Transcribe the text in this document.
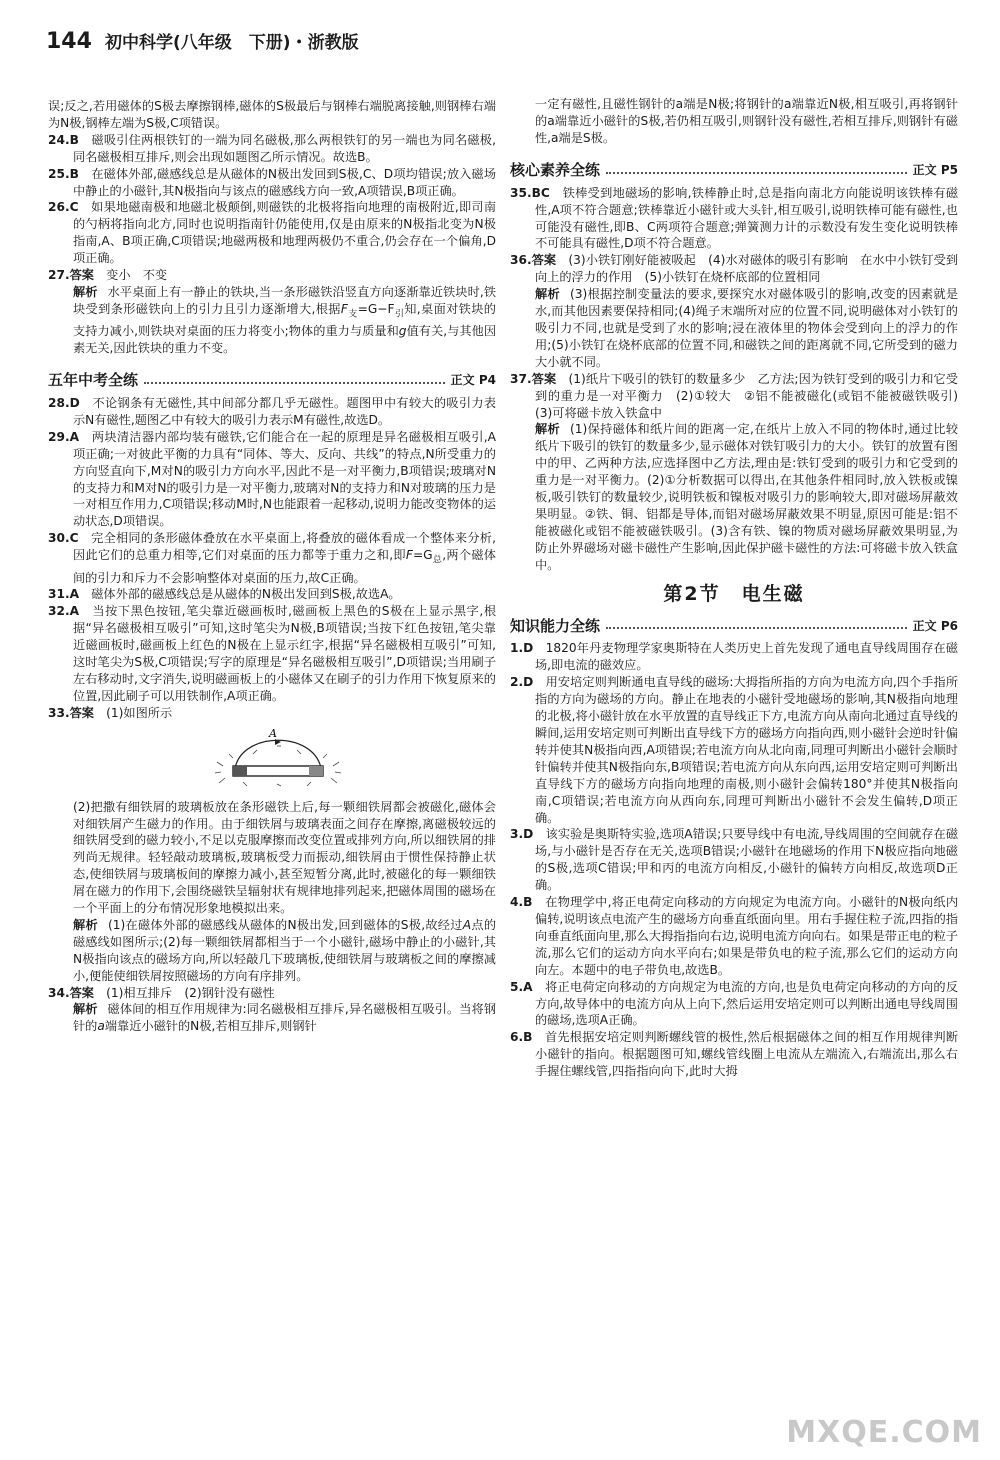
144 初中科学(八年级　下册)・浙教版

误;反之,若用磁体的S极去摩擦钢棒,磁体的S极最后与钢棒右端脱离接触,则钢棒右端为N极,钢棒左端为S极,C项错误。

24.B　 磁吸引住两根铁钉的一端为同名磁极,那么两根铁钉的另一端也为同名磁极,同名磁极相互排斥,则会出现如题图乙所示情况。故选B。

25.B　 在磁体外部,磁感线总是从磁体的N极出发回到S极,C、D项均错误;放入磁场中静止的小磁针,其N极指向与该点的磁感线方向一致,A项错误,B项正确。

26.C　 如果地磁南极和地磁北极颠倒,则磁铁的北极将指向地理的南极附近,即司南的勺柄将指向北方,同时也说明指南针仍能使用,仅是由原来的N极指北变为N极指南,A、B项正确,C项错误;地磁两极和地理两极仍不重合,仍会存在一个偏角,D项正确。

27.答案　 变小　不变

解析 水平桌面上有一静止的铁块,当一条形磁铁沿竖直方向逐渐靠近铁块时,铁块受到条形磁铁向上的引力且引力逐渐增大,根据$F_支=G-F_引$知,桌面对铁块的支持力减小,则铁块对桌面的压力将变小;物体的重力与质量和g值有关,与其他因素无关,因此铁块的重力不变。

五年中考全练	正文 P4

28.D　 不论钢条有无磁性,其中间部分都几乎无磁性。题图甲中有较大的吸引力表示N有磁性,题图乙中有较大的吸引力表示M有磁性,故选D。

29.A　 两块清洁器内部均装有磁铁,它们能合在一起的原理是异名磁极相互吸引,A项正确;一对彼此平衡的力具有“同体、等大、反向、共线”的特点,N所受重力的方向竖直向下,M对N的吸引力方向水平,因此不是一对平衡力,B项错误;玻璃对N的支持力和M对N的吸引力是一对平衡力,玻璃对N的支持力和N对玻璃的压力是一对相互作用力,C项错误;移动M时,N也能跟着一起移动,说明力能改变物体的运动状态,D项错误。

30.C　 完全相同的条形磁体叠放在水平桌面上,将叠放的磁体看成一个整体来分析,因此它们的总重力相等,它们对桌面的压力都等于重力之和,即$F=G_总$,两个磁体间的引力和斥力不会影响整体对桌面的压力,故C正确。

31.A　 磁体外部的磁感线总是从磁体的N极出发回到S极,故选A。

32.A　 当按下黑色按钮,笔尖靠近磁画板时,磁画板上黑色的S极在上显示黑字,根据“异名磁极相互吸引”可知,这时笔尖为N极,B项错误;当按下红色按钮,笔尖靠近磁画板时,磁画板上红色的N极在上显示红字,根据“异名磁极相互吸引”可知,这时笔尖为S极,C项错误;写字的原理是“异名磁极相互吸引”,D项错误;当用刷子左右移动时,文字消失,说明磁画板上的小磁体又在刷子的引力作用下恢复原来的位置,因此刷子可以用铁制作,A项正确。

33.答案　 (1)如图所示

A

(2)把撒有细铁屑的玻璃板放在条形磁铁上后,每一颗细铁屑都会被磁化,磁体会对细铁屑产生磁力的作用。由于细铁屑与玻璃表面之间存在摩擦,离磁极较远的细铁屑受到的磁力较小,不足以克服摩擦而改变位置或排列方向,所以细铁屑的排列尚无规律。轻轻敲动玻璃板,玻璃板受力而振动,细铁屑由于惯性保持静止状态,使细铁屑与玻璃板间的摩擦力减小,甚至短暂分离,此时,被磁化的每一颗细铁屑在磁力的作用下,会围绕磁铁呈辐射状有规律地排列起来,把磁体周围的磁场在一个平面上的分布情况形象地模拟出来。

解析 (1)在磁体外部的磁感线从磁体的N极出发,回到磁体的S极,故经过A点的磁感线如图所示;(2)每一颗细铁屑都相当于一个小磁针,磁场中静止的小磁针,其N极指向该点的磁场方向,所以轻敲几下玻璃板,使细铁屑与玻璃板之间的摩擦减小,便能使细铁屑按照磁场的方向有序排列。

34.答案　 (1)相互排斥　(2)钢针没有磁性

解析 磁体间的相互作用规律为:同名磁极相互排斥,异名磁极相互吸引。当将钢针的a端靠近小磁针的N极,若相互排斥,则钢针

一定有磁性,且磁性钢针的a端是N极;将钢针的a端靠近N极,相互吸引,再将钢针的a端靠近小磁针的S极,若仍相互吸引,则钢针没有磁性,若相互排斥,则钢针有磁性,a端是S极。

核心素养全练	正文 P5

35.BC　 铁棒受到地磁场的影响,铁棒静止时,总是指向南北方向能说明该铁棒有磁性,A项不符合题意;铁棒靠近小磁针或大头针,相互吸引,说明铁棒可能有磁性,也可能没有磁性,即B、C两项符合题意;弹簧测力计的示数没有发生变化说明铁棒不可能具有磁性,D项不符合题意。

36.答案　 (3)小铁钉刚好能被吸起　(4)水对磁体的吸引有影响　在水中小铁钉受到向上的浮力的作用　(5)小铁钉在烧杯底部的位置相同

解析 (3)根据控制变量法的要求,要探究水对磁体吸引的影响,改变的因素就是水,而其他因素要保持相同;(4)绳子末端所对应的位置不同,说明磁体对小铁钉的吸引力不同,也就是受到了水的影响;浸在液体里的物体会受到向上的浮力的作用;(5)小铁钉在烧杯底部的位置不同,和磁铁之间的距离就不同,它所受到的磁力大小就不同。

37.答案　 (1)纸片下吸引的铁钉的数量多少　乙方法;因为铁钉受到的吸引力和它受到的重力是一对平衡力　(2)①较大　②铝不能被磁化(或铝不能被磁铁吸引)　(3)可将磁卡放入铁盒中

解析 (1)保持磁体和纸片间的距离一定,在纸片上放入不同的物体时,通过比较纸片下吸引的铁钉的数量多少,显示磁体对铁钉吸引力的大小。铁钉的放置有图中的甲、乙两种方法,应选择图中乙方法,理由是:铁钉受到的吸引力和它受到的重力是一对平衡力。(2)①分析数据可以得出,在其他条件相同时,放入铁板或镍板,吸引铁钉的数量较少,说明铁板和镍板对吸引力的影响较大,即对磁场屏蔽效果明显。②铁、铜、铝都是导体,而铝对磁场屏蔽效果不明显,原因可能是:铝不能被磁化或铝不能被磁铁吸引。(3)含有铁、镍的物质对磁场屏蔽效果明显,为防止外界磁场对磁卡磁性产生影响,因此保护磁卡磁性的方法:可将磁卡放入铁盒中。

第2节　电生磁
知识能力全练	正文 P6

1.D　 1820年丹麦物理学家奥斯特在人类历史上首先发现了通电直导线周围存在磁场,即电流的磁效应。

2.D　 用安培定则判断通电直导线的磁场:大拇指所指的方向为电流方向,四个手指所指的方向为磁场的方向。静止在地表的小磁针受地磁场的影响,其N极指向地理的北极,将小磁针放在水平放置的直导线正下方,电流方向从南向北通过直导线的瞬间,运用安培定则可判断出直导线下方的磁场方向指向西,则小磁针会逆时针偏转并使其N极指向西,A项错误;若电流方向从北向南,同理可判断出小磁针会顺时针偏转并使其N极指向东,B项错误;若电流方向从东向西,运用安培定则可判断出直导线下方的磁场方向指向地理的南极,则小磁针会偏转180°并使其N极指向南,C项错误;若电流方向从西向东,同理可判断出小磁针不会发生偏转,D项正确。

3.D　 该实验是奥斯特实验,选项A错误;只要导线中有电流,导线周围的空间就存在磁场,与小磁针是否存在无关,选项B错误;小磁针在地磁场的作用下N极应指向地磁的S极,选项C错误;甲和丙的电流方向相反,小磁针的偏转方向相反,故选项D正确。

4.B　 在物理学中,将正电荷定向移动的方向规定为电流方向。小磁针的N极向纸内偏转,说明该点电流产生的磁场方向垂直纸面向里。用右手握住粒子流,四指的指向垂直纸面向里,那么大拇指指向右边,说明电流方向向右。如果是带正电的粒子流,那么它们的运动方向水平向右;如果是带负电的粒子流,那么它们的运动方向向左。本题中的电子带负电,故选B。

5.A　 将正电荷定向移动的方向规定为电流的方向,也是负电荷定向移动的方向的反方向,故导体中的电流方向从上向下,然后运用安培定则可以判断出通电导线周围的磁场,选项A正确。

6.B　 首先根据安培定则判断螺线管的极性,然后根据磁体之间的相互作用规律判断小磁针的指向。根据题图可知,螺线管线圈上电流从左端流入,右端流出,那么右手握住螺线管,四指指向向下,此时大拇

MXQE.COM
